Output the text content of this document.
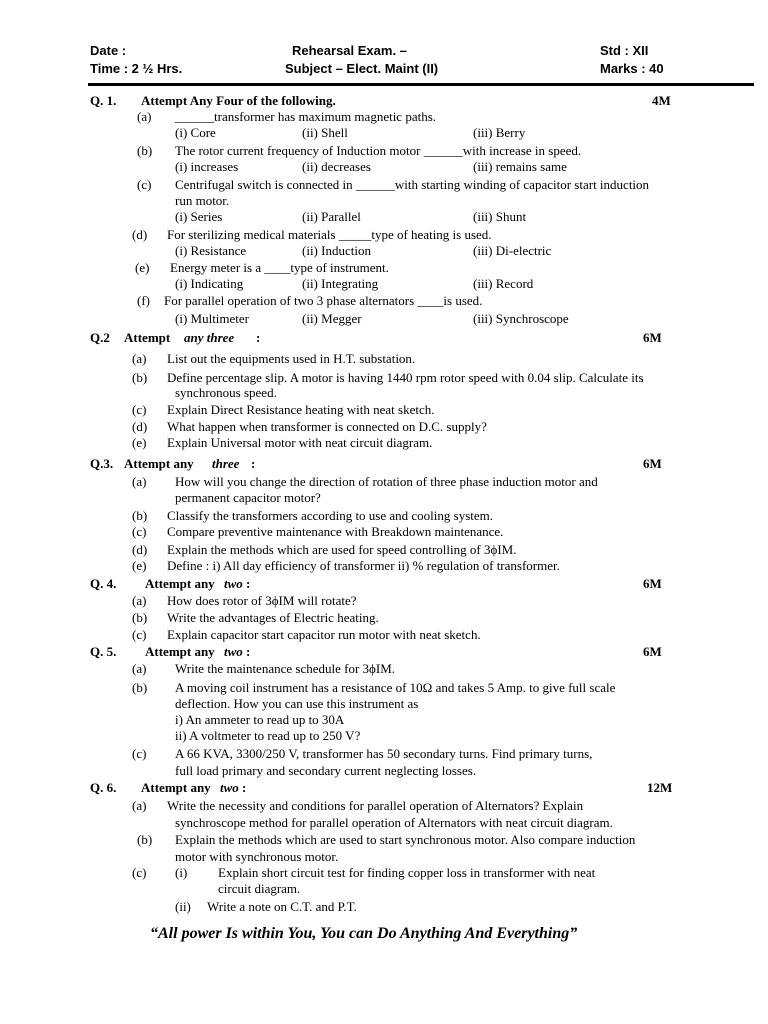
Date :
Time : 2 ½ Hrs.
Rehearsal Exam. –
Subject – Elect. Maint (II)
Std : XII
Marks : 40
Q. 1. Attempt Any Four of the following.	4M
(a) ______transformer has maximum magnetic paths.
(i) Core	(ii) Shell	(iii) Berry
(b) The rotor current frequency of Induction motor ______with increase in speed.
(i) increases	(ii) decreases	(iii) remains same
(c) Centrifugal switch is connected in ______with starting winding of capacitor start induction
run motor.
(i) Series	(ii) Parallel	(iii) Shunt
(d) For sterilizing medical materials _____type of heating is used.
(i) Resistance	(ii) Induction	(iii) Di-electric
(e) Energy meter is a ____type of instrument.
(i) Indicating	(ii) Integrating	(iii) Record
(f) For parallel operation of two 3 phase alternators ____is used.
(i) Multimeter	(ii) Megger	(iii) Synchroscope
Q.2 Attempt any three :	6M
(a) List out the equipments used in H.T. substation.
(b) Define percentage slip. A motor is having 1440 rpm rotor speed with 0.04 slip. Calculate its
synchronous speed.
(c) Explain Direct Resistance heating with neat sketch.
(d) What happen when transformer is connected on D.C. supply?
(e) Explain Universal motor with neat circuit diagram.
Q.3. Attempt any three :	6M
(a) How will you change the direction of rotation of three phase induction motor and
permanent capacitor motor?
(b) Classify the transformers according to use and cooling system.
(c) Compare preventive maintenance with Breakdown maintenance.
(d) Explain the methods which are used for speed controlling of 3ϕIM.
(e) Define : i) All day efficiency of transformer ii) % regulation of transformer.
Q. 4. Attempt any two :	6M
(a) How does rotor of 3ϕIM will rotate?
(b) Write the advantages of Electric heating.
(c) Explain capacitor start capacitor run motor with neat sketch.
Q. 5. Attempt any two :	6M
(a) Write the maintenance schedule for 3ϕIM.
(b) A moving coil instrument has a resistance of 10Ω and takes 5 Amp. to give full scale
deflection. How you can use this instrument as
i) An ammeter to read up to 30A
ii) A voltmeter to read up to 250 V?
(c) A 66 KVA, 3300/250 V, transformer has 50 secondary turns. Find primary turns,
full load primary and secondary current neglecting losses.
Q. 6. Attempt any two :	12M
(a) Write the necessity and conditions for parallel operation of Alternators? Explain
synchroscope method for parallel operation of Alternators with neat circuit diagram.
(b) Explain the methods which are used to start synchronous motor. Also compare induction
motor with synchronous motor.
(c) (i) Explain short circuit test for finding copper loss in transformer with neat
circuit diagram.
(ii) Write a note on C.T. and P.T.
“All power Is within You, You can Do Anything And Everything”
